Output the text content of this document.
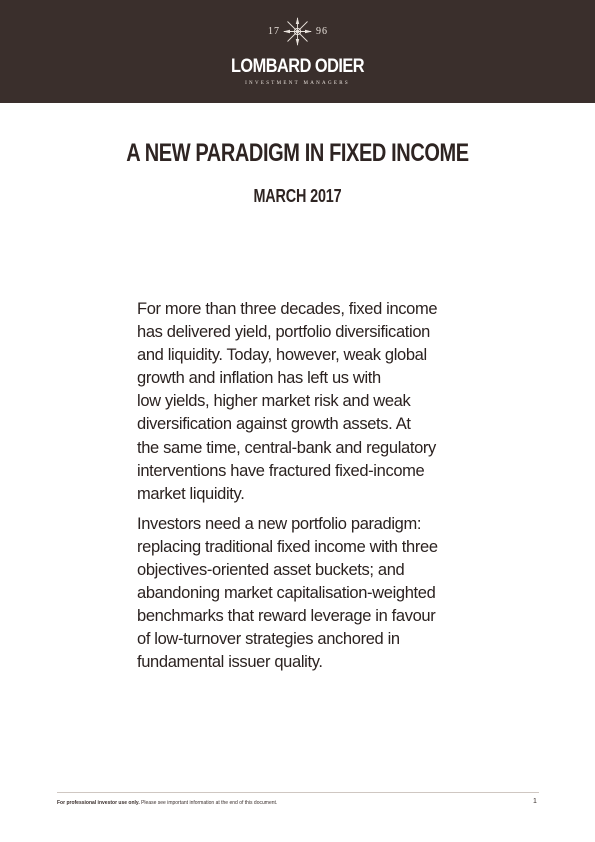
17	96
LOMBARD ODIER
INVESTMENT MANAGERS
A NEW PARADIGM IN FIXED INCOME
MARCH 2017

For more than three decades, fixed income
has delivered yield, portfolio diversification
and liquidity. Today, however, weak global
growth and inflation has left us with
low yields, higher market risk and weak
diversification against growth assets. At
the same time, central-bank and regulatory
interventions have fractured fixed-income
market liquidity.

Investors need a new portfolio paradigm:
replacing traditional fixed income with three
objectives-oriented asset buckets; and
abandoning market capitalisation-weighted
benchmarks that reward leverage in favour
of low-turnover strategies anchored in
fundamental issuer quality.

For professional investor use only. Please see important information at the end of this document.	1
